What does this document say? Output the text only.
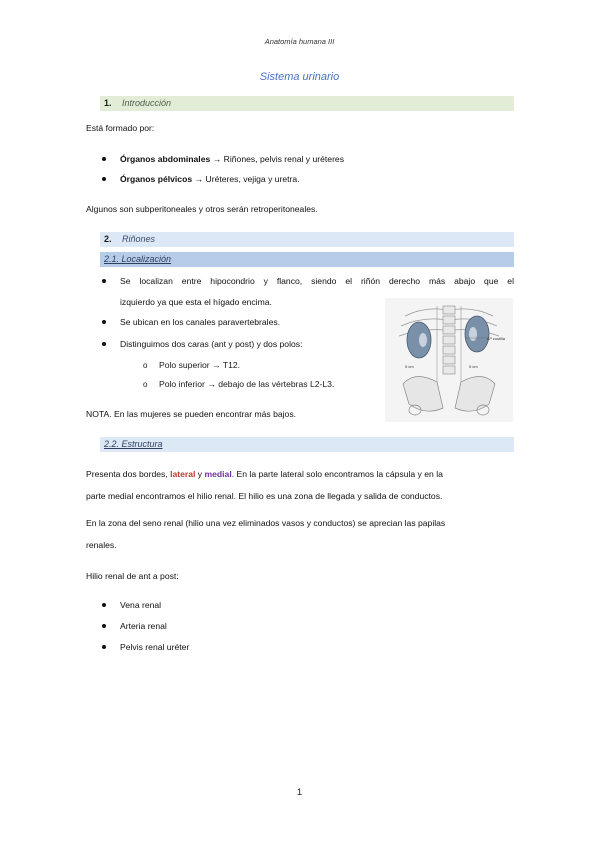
Anatomía humana III
Sistema urinario
1. Introducción
Está formado por:
Órganos abdominales → Riñones, pelvis renal y uréteres
Órganos pélvicos → Uréteres, vejiga y uretra.
Algunos son subperitoneales y otros serán retroperitoneales.
2. Riñones
2.1. Localización
Se localizan entre hipocondrio y flanco, siendo el riñón derecho más abajo que el
izquierdo ya que esta el hígado encima.
Se ubican en los canales paravertebrales.
Distinguimos dos caras (ant y post) y dos polos:
o Polo superior → T12.
o Polo inferior → debajo de las vértebras L2-L3.
NOTA. En las mujeres se pueden encontrar más bajos.
11ª costilla
5 cm	5 cm
2.2. Estructura
Presenta dos bordes, lateral y medial. En la parte lateral solo encontramos la cápsula y en la
parte medial encontramos el hilio renal. El hilio es una zona de llegada y salida de conductos.
En la zona del seno renal (hilio una vez eliminados vasos y conductos) se aprecian las papilas
renales.
Hilio renal de ant a post:
Vena renal
Arteria renal
Pelvis renal uréter
1
